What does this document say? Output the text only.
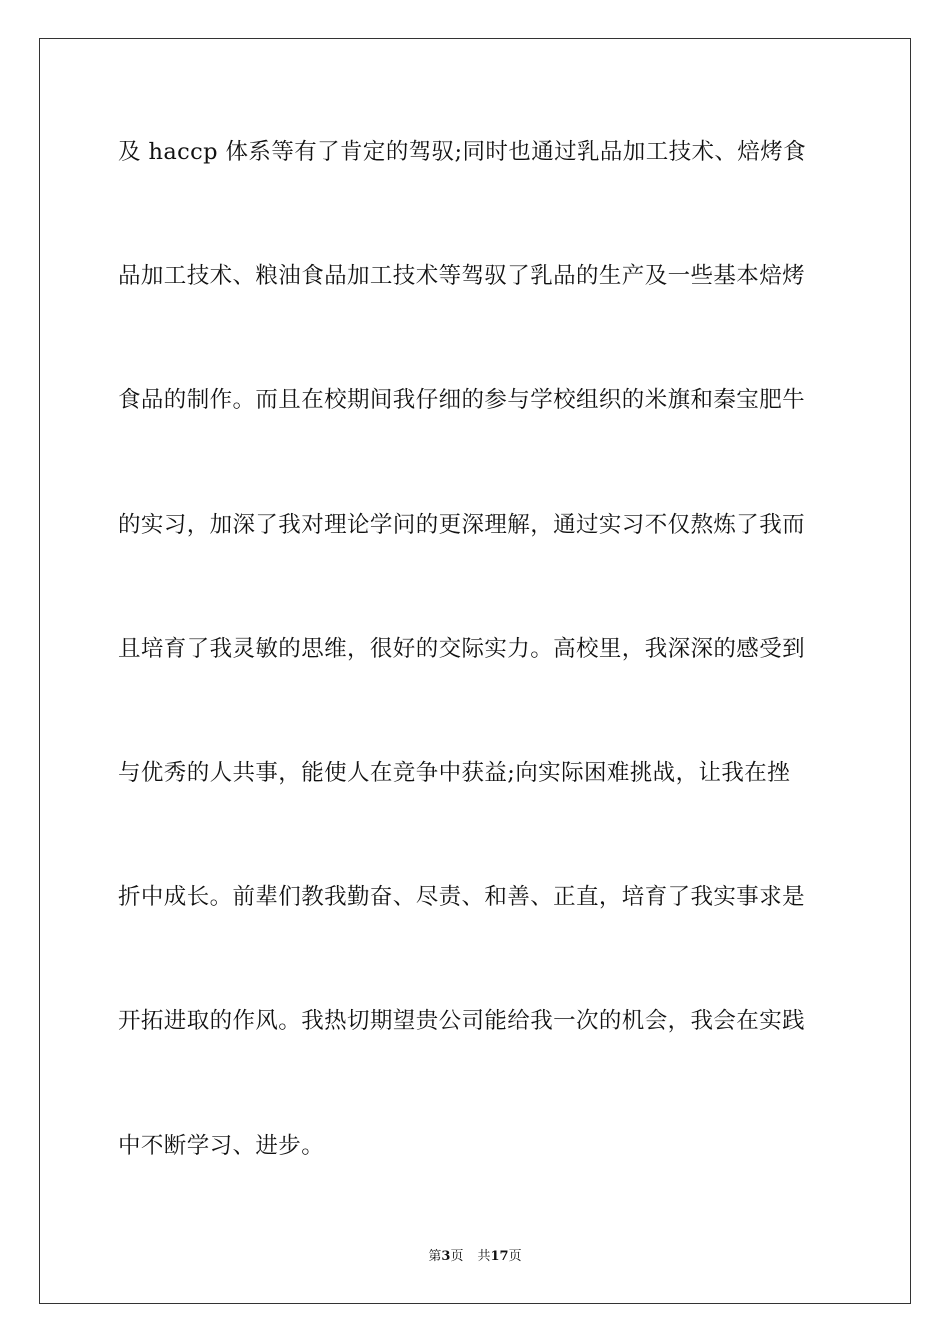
及 haccp 体系等有了肯定的驾驭;同时也通过乳品加工技术、焙烤食
品加工技术、粮油食品加工技术等驾驭了乳品的生产及一些基本焙烤
食品的制作。而且在校期间我仔细的参与学校组织的米旗和秦宝肥牛
的实习，加深了我对理论学问的更深理解，通过实习不仅熬炼了我而
且培育了我灵敏的思维，很好的交际实力。高校里，我深深的感受到
与优秀的人共事，能使人在竞争中获益;向实际困难挑战，让我在挫
折中成长。前辈们教我勤奋、尽责、和善、正直，培育了我实事求是
开拓进取的作风。我热切期望贵公司能给我一次的机会，我会在实践
中不断学习、进步。
第3页 共17页
